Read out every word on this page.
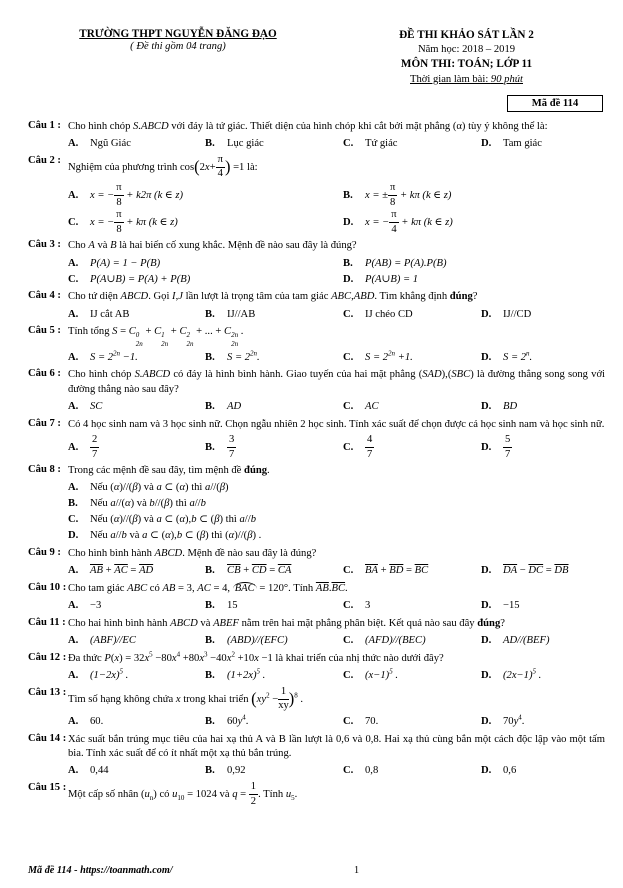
TRƯỜNG THPT NGUYỄN ĐĂNG ĐẠO
( Đề thi gồm 04 trang)
ĐỀ THI KHẢO SÁT LẦN 2
Năm học: 2018 – 2019
MÔN THI: TOÁN; LỚP 11
Thời gian làm bài: 90 phút
Mã đề 114
Câu 1 : Cho hình chóp S.ABCD với đáy là tứ giác. Thiết diện của hình chóp khi cắt bởi mặt phẳng (α) tùy ý không thể là:
A.	Ngũ Giác	B.	Lục giác	C.	Tứ giác	D.	Tam giác
Câu 2 :
Nghiệm của phương trình $\cos(2x+ \frac{\pi}{4}$ ) =1 là:
A.	x = − $\frac{\pi}{8} + k2\pi$ (k ∈ z)	B.	x = ± $\frac{\pi}{8} + k\pi$ (k ∈ z)
C.	x = − $\frac{\pi}{8} + k\pi$ (k ∈ z)	D.	x = − $\frac{\pi}{4} + k\pi$ (k ∈ z)
Câu 3 : Cho A và B là hai biến cố xung khắc. Mệnh đề nào sau đây là đúng?
A.	P(A) = 1 − P(B)	B.	P(AB) = P(A).P(B)
C.	P(A∪B) = P(A) + P(B)	D.	P(A∪B) = 1
Câu 4 : Cho tứ diện ABCD. Gọi I,J lần lượt là trọng tâm của tam giác ABC,ABD. Tìm khẳng định đúng?
A.	IJ cắt AB	B.	IJ//AB	C.	IJ chéo CD	D.	IJ//CD
Câu 5 : Tính tổng S = C 0
2n
+ C 1
2n
+ C 2
2n
+ ... + C 2n
2n
.
A.	$S = 2^{2n} -1$.	B.	$S = 2^{2n}$.	C.	$S = 2^{2n} +1$.	D.	$S = 2^n$.
Câu 6 : Cho hình chóp S.ABCD có đáy là hình bình hành. Giao tuyến của hai mặt phẳng (SAD),(SBC) là đường thẳng song song với đường thẳng nào sau đây?
A.	SC	B.	AD	C.	AC	D.	BD
Câu 7 : Có 4 học sinh nam và 3 học sinh nữ. Chọn ngẫu nhiên 2 học sinh. Tính xác suất để chọn được cả học sinh nam và học sinh nữ.
A.	$\frac{2}{7}$	B.	$\frac{3}{7}$	C.	$\frac{4}{7}$	D.	$\frac{5}{7}$
Câu 8 : Trong các mệnh đề sau đây, tìm mệnh đề đúng.
A.	Nếu (α)//(β) và a ⊂ (α) thì a//(β)
B.	Nếu a//(α) và b//(β) thì a//b
C.	Nếu (α)//(β) và a ⊂ (α),b ⊂ (β) thì a//b
D.	Nếu a//b và a ⊂ (α),b ⊂ (β) thì (α)//(β) .
Câu 9 : Cho hình bình hành ABCD. Mệnh đề nào sau đây là đúng?
A.	$\overline{AB} + \overline{AC} = \overline{AD}$	B.	$\overline{CB} + \overline{CD} = \overline{CA}$	C.	$\overline{BA} + \overline{BD} = \overline{BC}$	D.	$\overline{DA} - \overline{DC} = \overline{DB}$
Câu 10 : Cho tam giác ABC có AB = 3, AC = 4, BAC = 120°. Tính $\overline{AB}.\overline{BC}$.
A.	−3	B.	15	C.	3	D.	−15
Câu 11 : Cho hai hình bình hành ABCD và ABEF nằm trên hai mặt phẳng phân biệt. Kết quả nào sau đây đúng?
A.	(ABF)//EC	B.	(ABD)//(EFC)	C.	(AFD)//(BEC)	D.	AD//(BEF)
Câu 12 : Đa thức $P(x) = 32x^5 -80x^4 +80x^3 -40x^2 +10x -1$ là khai triển của nhị thức nào dưới đây?
A.	$(1-2x)^5$ .	B.	$(1+2x)^5$ .	C.	$(x-1)^5$ .	D.	$(2x-1)^5$ .
Câu 13 :
Tìm số hạng không chứa x trong khai triển $(xy^2 - \frac{1}{xy} )^8$ .
A.	60.	B.	$60y^4$.	C.	70.	D.	$70y^4$.
Câu 14 : Xác suất bắn trúng mục tiêu của hai xạ thủ A và B lần lượt là 0,6 và 0,8. Hai xạ thủ cùng bắn một cách độc lập vào một tấm bia. Tính xác suất để có ít nhất một xạ thủ bắn trúng.
A.	0,44	B.	0,92	C.	0,8	D.	0,6
Câu 15 :
Một cấp số nhân $(u_n)$ có $u_{10} = 1024$ và $q = \frac{1}{2}$ . Tính $u_5$.
Mã đề 114 - https://toanmath.com/	1
